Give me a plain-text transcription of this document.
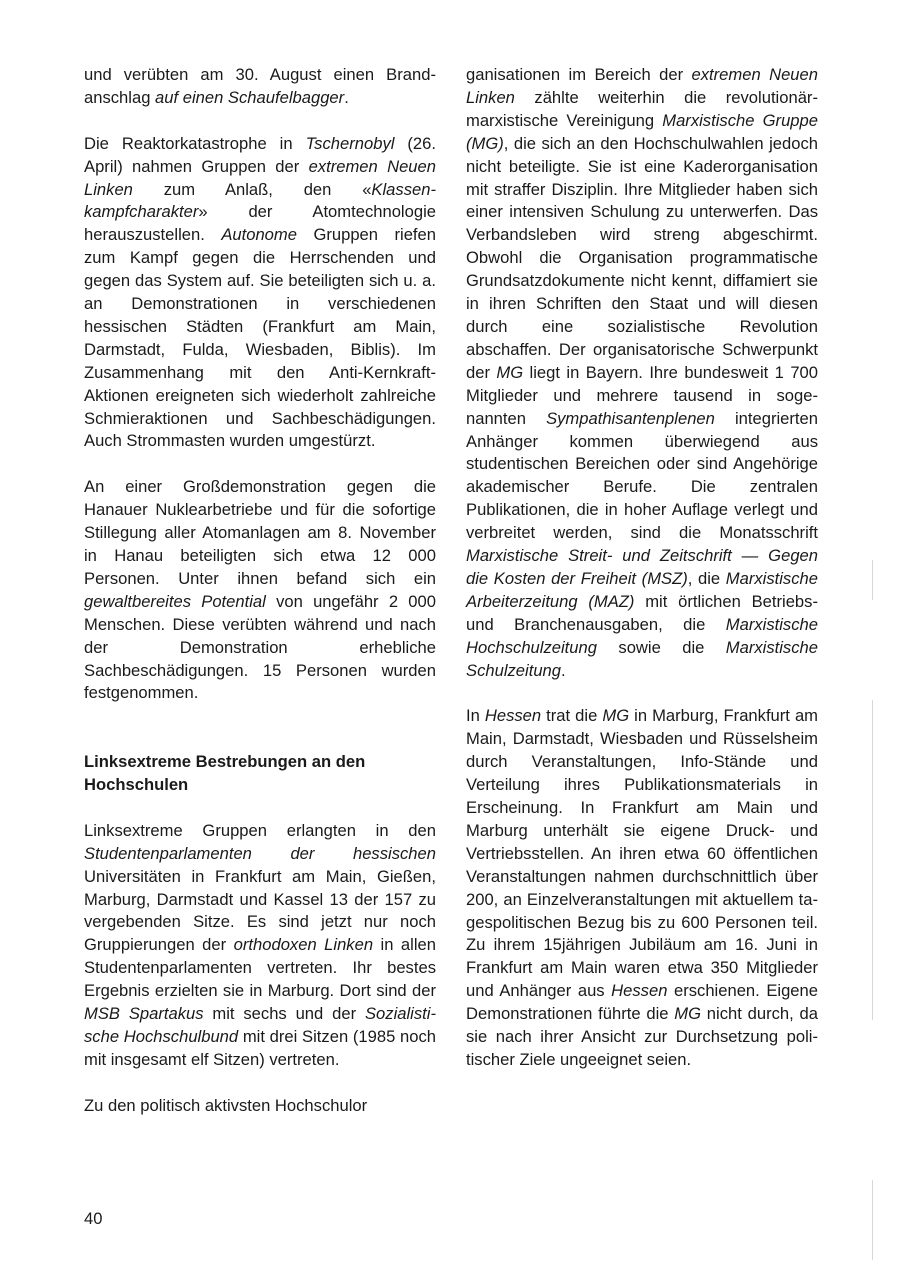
und verübten am 30. August einen Brandanschlag auf einen Schaufelbagger.

Die Reaktorkatastrophe in Tschernobyl (26. April) nahmen Gruppen der extremen Neuen Linken zum Anlaß, den «Klassenkampfcharakter» der Atomtechnologie herauszustellen. Autonome Gruppen riefen zum Kampf gegen die Herrschenden und gegen das System auf. Sie beteiligten sich u. a. an Demonstrationen in verschiedenen hessischen Städten (Frankfurt am Main, Darmstadt, Fulda, Wiesbaden, Biblis). Im Zusammenhang mit den Anti-Kernkraft-Aktionen ereigneten sich wiederholt zahlreiche Schmieraktionen und Sachbeschädigungen. Auch Strommasten wurden umgestürzt.

An einer Großdemonstration gegen die Hanauer Nuklearbetriebe und für die sofortige Stillegung aller Atomanlagen am 8. November in Hanau beteiligten sich etwa 12 000 Personen. Unter ihnen befand sich ein gewaltbereites Potential von ungefähr 2 000 Menschen. Diese verübten während und nach der Demonstration erhebliche Sachbeschädigungen. 15 Personen wurden festgenommen.

Linksextreme Bestrebungen an den Hochschulen

Linksextreme Gruppen erlangten in den Studentenparlamenten der hessischen Universitäten in Frankfurt am Main, Gießen, Marburg, Darmstadt und Kassel 13 der 157 zu vergebenden Sitze. Es sind jetzt nur noch Gruppierungen der orthodoxen Linken in allen Studentenparlamenten vertreten. Ihr bestes Ergebnis erzielten sie in Marburg. Dort sind der MSB Spartakus mit sechs und der Sozialistische Hochschulbund mit drei Sitzen (1985 noch mit insgesamt elf Sitzen) vertreten.

Zu den politisch aktivsten Hochschulor

ganisationen im Bereich der extremen Neuen Linken zählte weiterhin die revolutionär-marxistische Vereinigung Marxistische Gruppe (MG), die sich an den Hochschulwahlen jedoch nicht beteiligte. Sie ist eine Kaderorganisation mit straffer Disziplin. Ihre Mitglieder haben sich einer intensiven Schulung zu unterwerfen. Das Verbandsleben wird streng abgeschirmt. Obwohl die Organisation programmatische Grundsatzdokumente nicht kennt, diffamiert sie in ihren Schriften den Staat und will diesen durch eine sozialistische Revolution abschaffen. Der organisatorische Schwerpunkt der MG liegt in Bayern. Ihre bundesweit 1 700 Mitglieder und mehrere tausend in sogenannten Sympathisantenplenen integrierten Anhänger kommen überwiegend aus studentischen Bereichen oder sind Angehörige akademischer Berufe. Die zentralen Publikationen, die in hoher Auflage verlegt und verbreitet werden, sind die Monatsschrift Marxistische Streit- und Zeitschrift — Gegen die Kosten der Freiheit (MSZ), die Marxistische Arbeiterzeitung (MAZ) mit örtlichen Betriebs- und Branchenausgaben, die Marxistische Hochschulzeitung sowie die Marxistische Schulzeitung.

In Hessen trat die MG in Marburg, Frankfurt am Main, Darmstadt, Wiesbaden und Rüsselsheim durch Veranstaltungen, Info-Stände und Verteilung ihres Publikationsmaterials in Erscheinung. In Frankfurt am Main und Marburg unterhält sie eigene Druck- und Vertriebsstellen. An ihren etwa 60 öffentlichen Veranstaltungen nahmen durchschnittlich über 200, an Einzelveranstaltungen mit aktuellem tagespolitischen Bezug bis zu 600 Personen teil. Zu ihrem 15jährigen Jubiläum am 16. Juni in Frankfurt am Main waren etwa 350 Mitglieder und Anhänger aus Hessen erschienen. Eigene Demonstrationen führte die MG nicht durch, da sie nach ihrer Ansicht zur Durchsetzung politischer Ziele ungeeignet seien.

40
